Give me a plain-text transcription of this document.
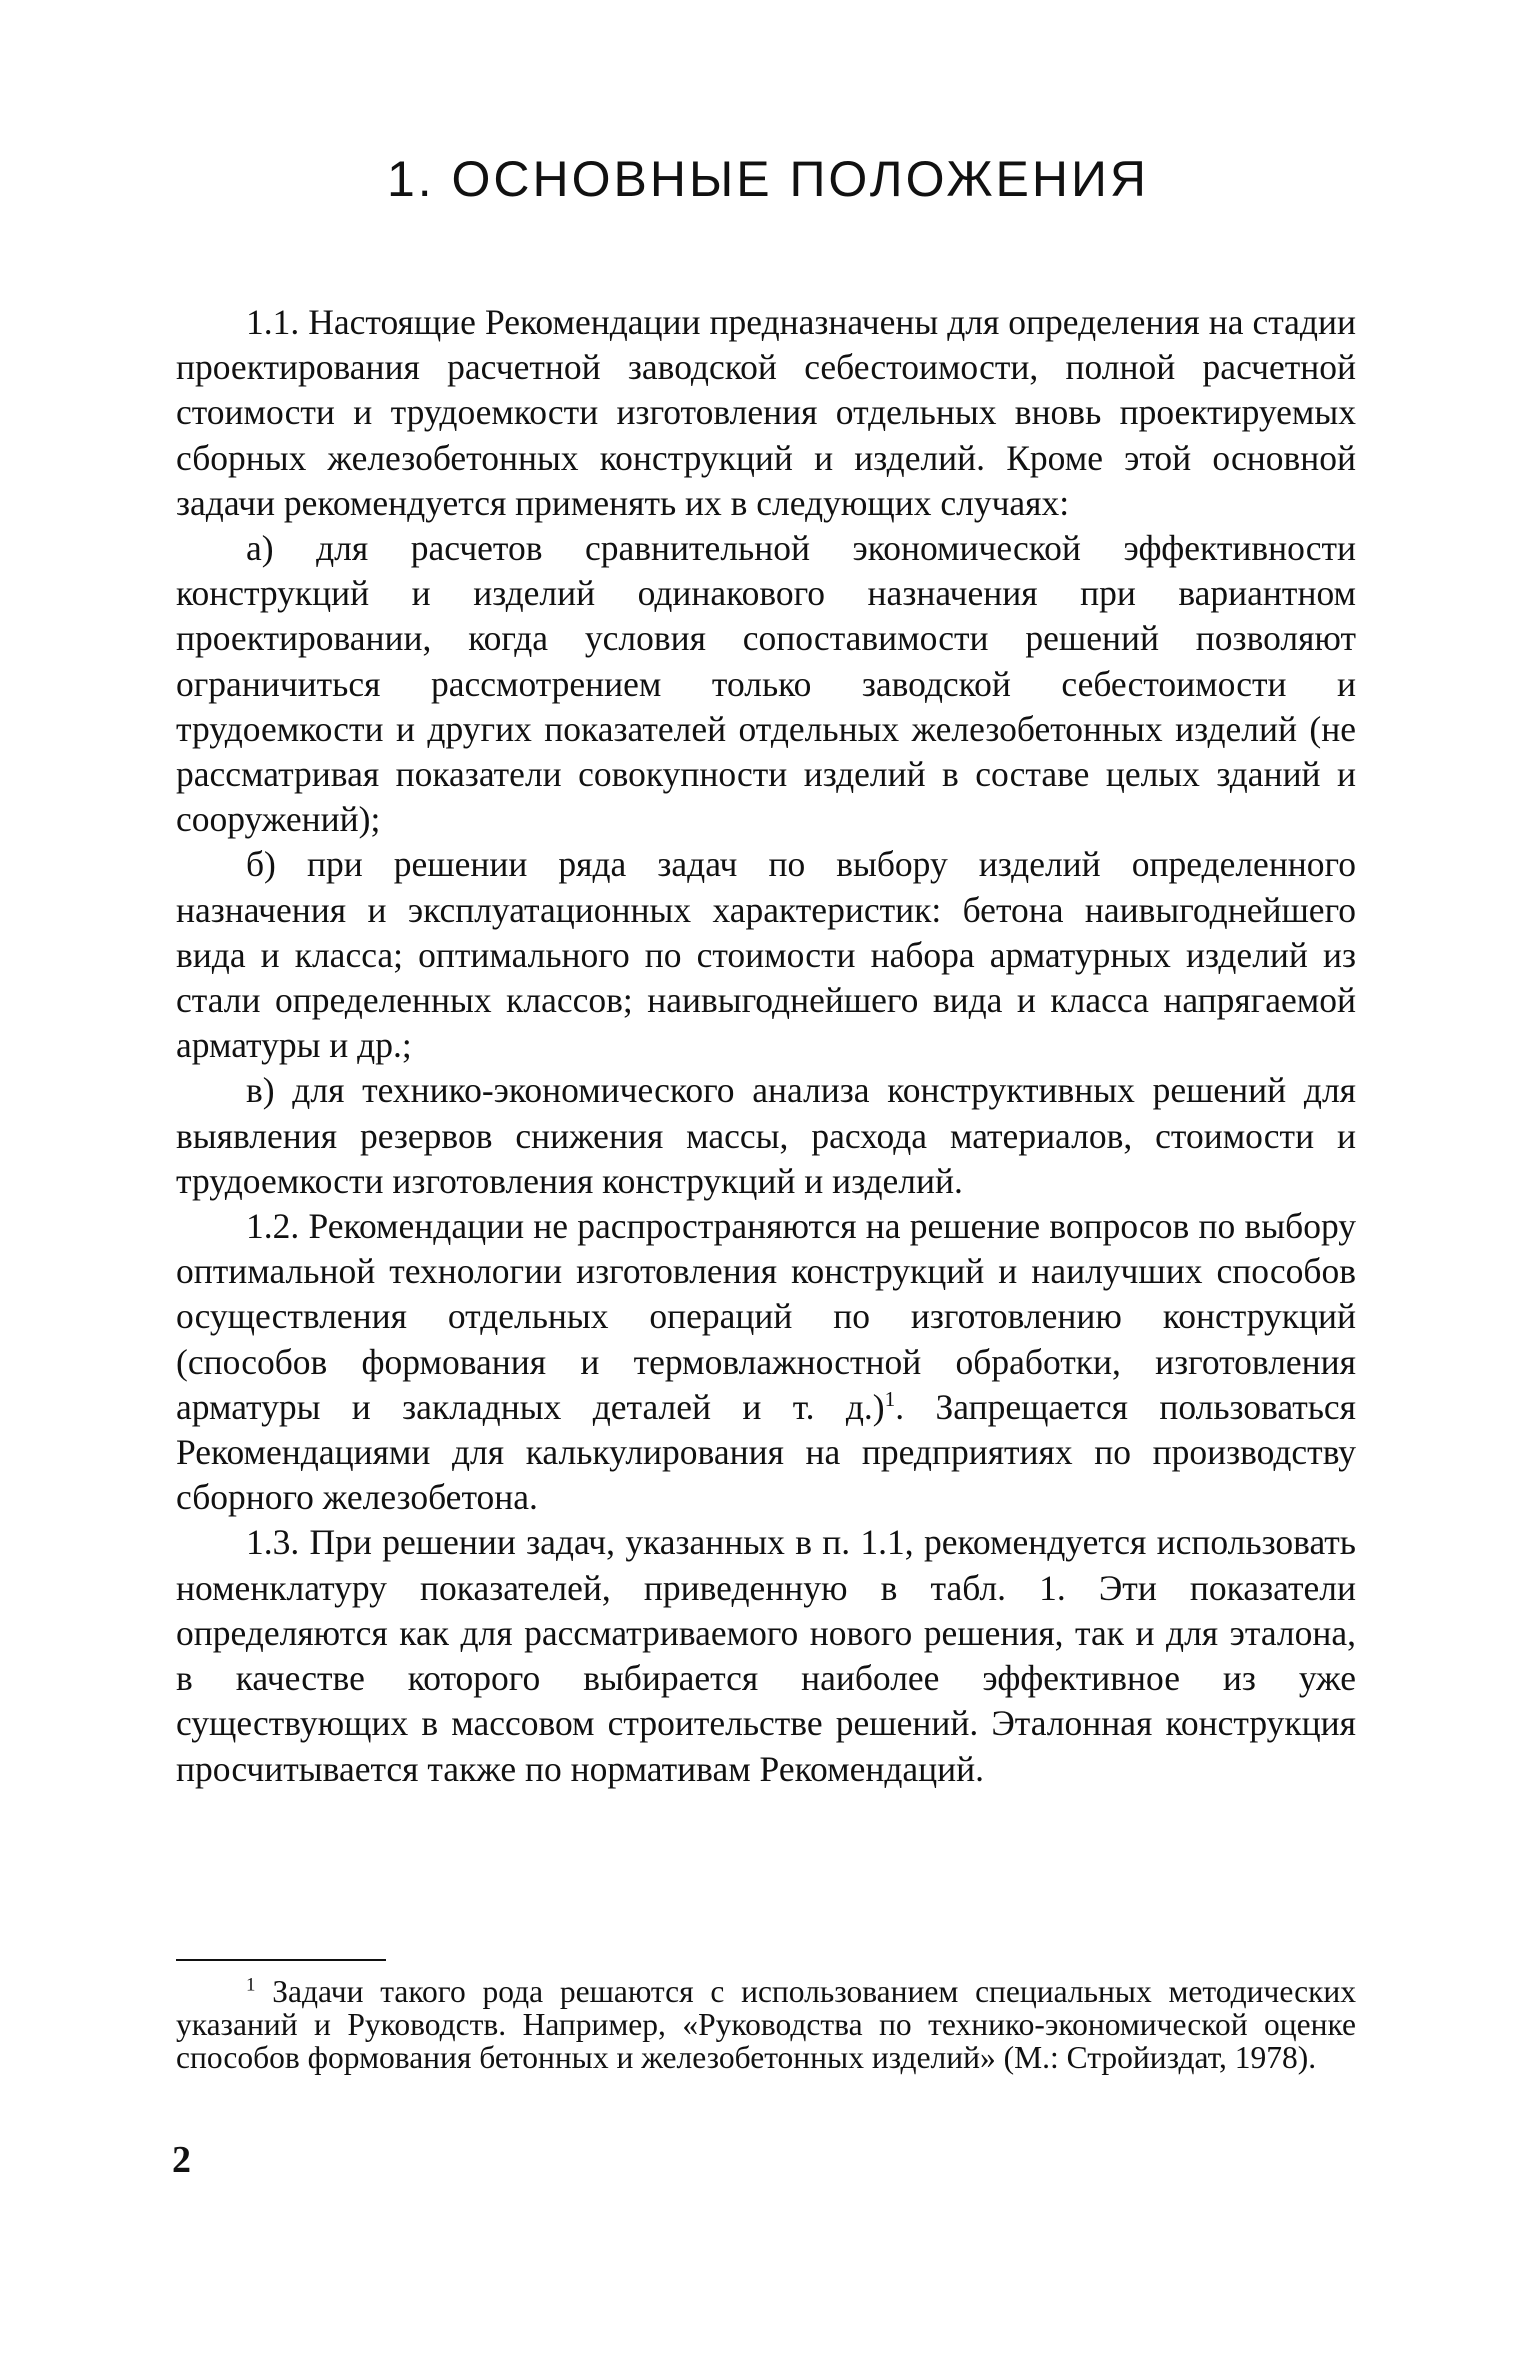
1. ОСНОВНЫЕ ПОЛОЖЕНИЯ

1.1. Настоящие Рекомендации предназначены для определения на стадии проектирования расчетной заводской себестоимости, полной расчетной стоимости и трудоемкости изготовления отдельных вновь проектируемых сборных железобетонных конструкций и изделий. Кроме этой основной задачи рекомендуется применять их в следующих случаях:

а) для расчетов сравнительной экономической эффективности конструкций и изделий одинакового назначения при вариантном проектировании, когда условия сопоставимости решений позволяют ограничиться рассмотрением только заводской себестоимости и трудоемкости и других показателей отдельных железобетонных изделий (не рассматривая показатели совокупности изделий в составе целых зданий и сооружений);

б) при решении ряда задач по выбору изделий определенного назначения и эксплуатационных характеристик: бетона наивыгоднейшего вида и класса; оптимального по стоимости набора арматурных изделий из стали определенных классов; наивыгоднейшего вида и класса напрягаемой арматуры и др.;

в) для технико-экономического анализа конструктивных решений для выявления резервов снижения массы, расхода материалов, стоимости и трудоемкости изготовления конструкций и изделий.

1.2. Рекомендации не распространяются на решение вопросов по выбору оптимальной технологии изготовления конструкций и наилучших способов осуществления отдельных операций по изготовлению конструкций (способов формования и термовлажностной обработки, изготовления арматуры и закладных деталей и т. д.)$^1$. Запрещается пользоваться Рекомендациями для калькулирования на предприятиях по производству сборного железобетона.

1.3. При решении задач, указанных в п. 1.1, рекомендуется использовать номенклатуру показателей, приведенную в табл. 1. Эти показатели определяются как для рассматриваемого нового решения, так и для эталона, в качестве которого выбирается наиболее эффективное из уже существующих в массовом строительстве решений. Эталонная конструкция просчитывается также по нормативам Рекомендаций.

$^1$ Задачи такого рода решаются с использованием специальных методических указаний и Руководств. Например, «Руководства по технико-экономической оценке способов формования бетонных и железобетонных изделий» (М.: Стройиздат, 1978).

2
